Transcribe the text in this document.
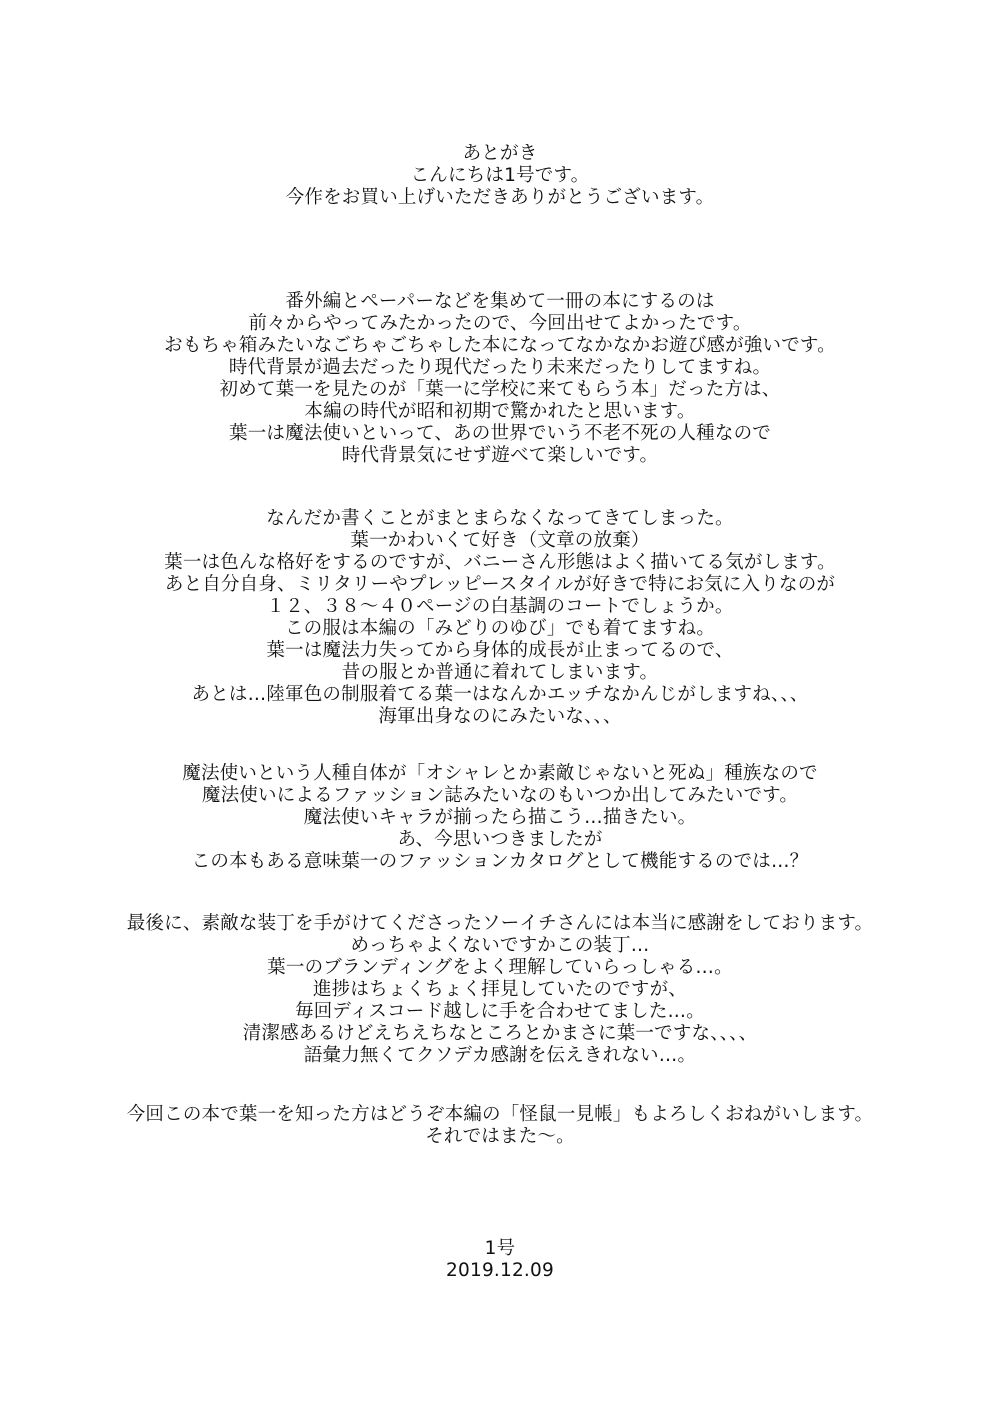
あとがき
こんにちは1号です。
今作をお買い上げいただきありがとうございます。
番外編とペーパーなどを集めて一冊の本にするのは
前々からやってみたかったので、今回出せてよかったです。
おもちゃ箱みたいなごちゃごちゃした本になってなかなかお遊び感が強いです。
時代背景が過去だったり現代だったり未来だったりしてますね。
初めて葉一を見たのが「葉一に学校に来てもらう本」だった方は、
本編の時代が昭和初期で驚かれたと思います。
葉一は魔法使いといって、あの世界でいう不老不死の人種なので
時代背景気にせず遊べて楽しいです。
なんだか書くことがまとまらなくなってきてしまった。
葉一かわいくて好き（文章の放棄）
葉一は色んな格好をするのですが、バニーさん形態はよく描いてる気がします。
あと自分自身、ミリタリーやプレッピースタイルが好きで特にお気に入りなのが
１２、３８～４０ページの白基調のコートでしょうか。
この服は本編の「みどりのゆび」でも着てますね。
葉一は魔法力失ってから身体的成長が止まってるので、
昔の服とか普通に着れてしまいます。
あとは…陸軍色の制服着てる葉一はなんかエッチなかんじがしますね、、、
海軍出身なのにみたいな、、、
魔法使いという人種自体が「オシャレとか素敵じゃないと死ぬ」種族なので
魔法使いによるファッション誌みたいなのもいつか出してみたいです。
魔法使いキャラが揃ったら描こう…描きたい。
あ、今思いつきましたが
この本もある意味葉一のファッションカタログとして機能するのでは…？
最後に、素敵な装丁を手がけてくださったソーイチさんには本当に感謝をしております。
めっちゃよくないですかこの装丁…
葉一のブランディングをよく理解していらっしゃる…。
進捗はちょくちょく拝見していたのですが、
毎回ディスコード越しに手を合わせてました…。
清潔感あるけどえちえちなところとかまさに葉一ですな、、、、
語彙力無くてクソデカ感謝を伝えきれない…。
今回この本で葉一を知った方はどうぞ本編の「怪鼠一見帳」もよろしくおねがいします。
それではまた～。
1号
2019.12.09
